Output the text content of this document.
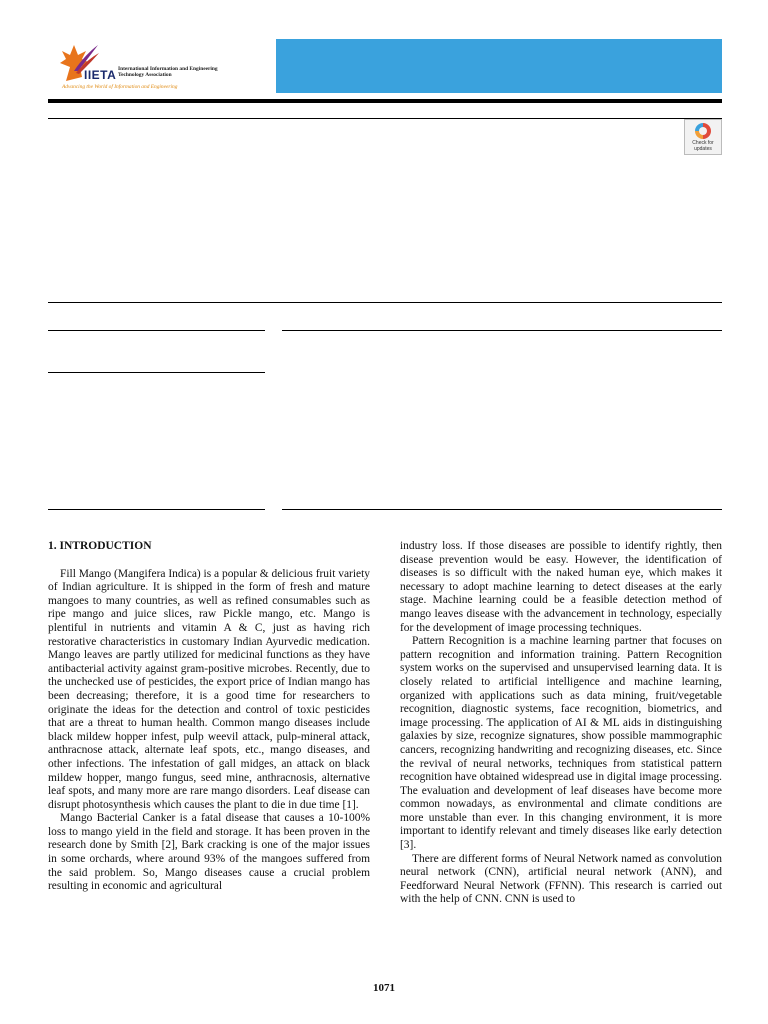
IIETA International Information and Engineering Technology Association
Advancing the World of Information and Engineering
Check for
updates
1. INTRODUCTION

Fill Mango (Mangifera Indica) is a popular & delicious fruit variety of Indian agriculture. It is shipped in the form of fresh and mature mangoes to many countries, as well as refined consumables such as ripe mango and juice slices, raw Pickle mango, etc. Mango is plentiful in nutrients and vitamin A & C, just as having rich restorative characteristics in customary Indian Ayurvedic medication. Mango leaves are partly utilized for medicinal functions as they have antibacterial activity against gram-positive microbes. Recently, due to the unchecked use of pesticides, the export price of Indian mango has been decreasing; therefore, it is a good time for researchers to originate the ideas for the detection and control of toxic pesticides that are a threat to human health. Common mango diseases include black mildew hopper infest, pulp weevil attack, pulp-mineral attack, anthracnose attack, alternate leaf spots, etc., mango diseases, and other infections. The infestation of gall midges, an attack on black mildew hopper, mango fungus, seed mine, anthracnosis, alternative leaf spots, and many more are rare mango disorders. Leaf disease can disrupt photosynthesis which causes the plant to die in due time [1].

Mango Bacterial Canker is a fatal disease that causes a 10-100% loss to mango yield in the field and storage. It has been proven in the research done by Smith [2], Bark cracking is one of the major issues in some orchards, where around 93% of the mangoes suffered from the said problem. So, Mango diseases cause a crucial problem resulting in economic and agricultural

industry loss. If those diseases are possible to identify rightly, then disease prevention would be easy. However, the identification of diseases is so difficult with the naked human eye, which makes it necessary to adopt machine learning to detect diseases at the early stage. Machine learning could be a feasible detection method of mango leaves disease with the advancement in technology, especially for the development of image processing techniques.

Pattern Recognition is a machine learning partner that focuses on pattern recognition and information training. Pattern Recognition system works on the supervised and unsupervised learning data. It is closely related to artificial intelligence and machine learning, organized with applications such as data mining, fruit/vegetable recognition, diagnostic systems, face recognition, biometrics, and image processing. The application of AI & ML aids in distinguishing galaxies by size, recognize signatures, show possible mammographic cancers, recognizing handwriting and recognizing diseases, etc. Since the revival of neural networks, techniques from statistical pattern recognition have obtained widespread use in digital image processing. The evaluation and development of leaf diseases have become more common nowadays, as environmental and climate conditions are more unstable than ever. In this changing environment, it is more important to identify relevant and timely diseases like early detection [3].

There are different forms of Neural Network named as convolution neural network (CNN), artificial neural network (ANN), and Feedforward Neural Network (FFNN). This research is carried out with the help of CNN. CNN is used to

1071
